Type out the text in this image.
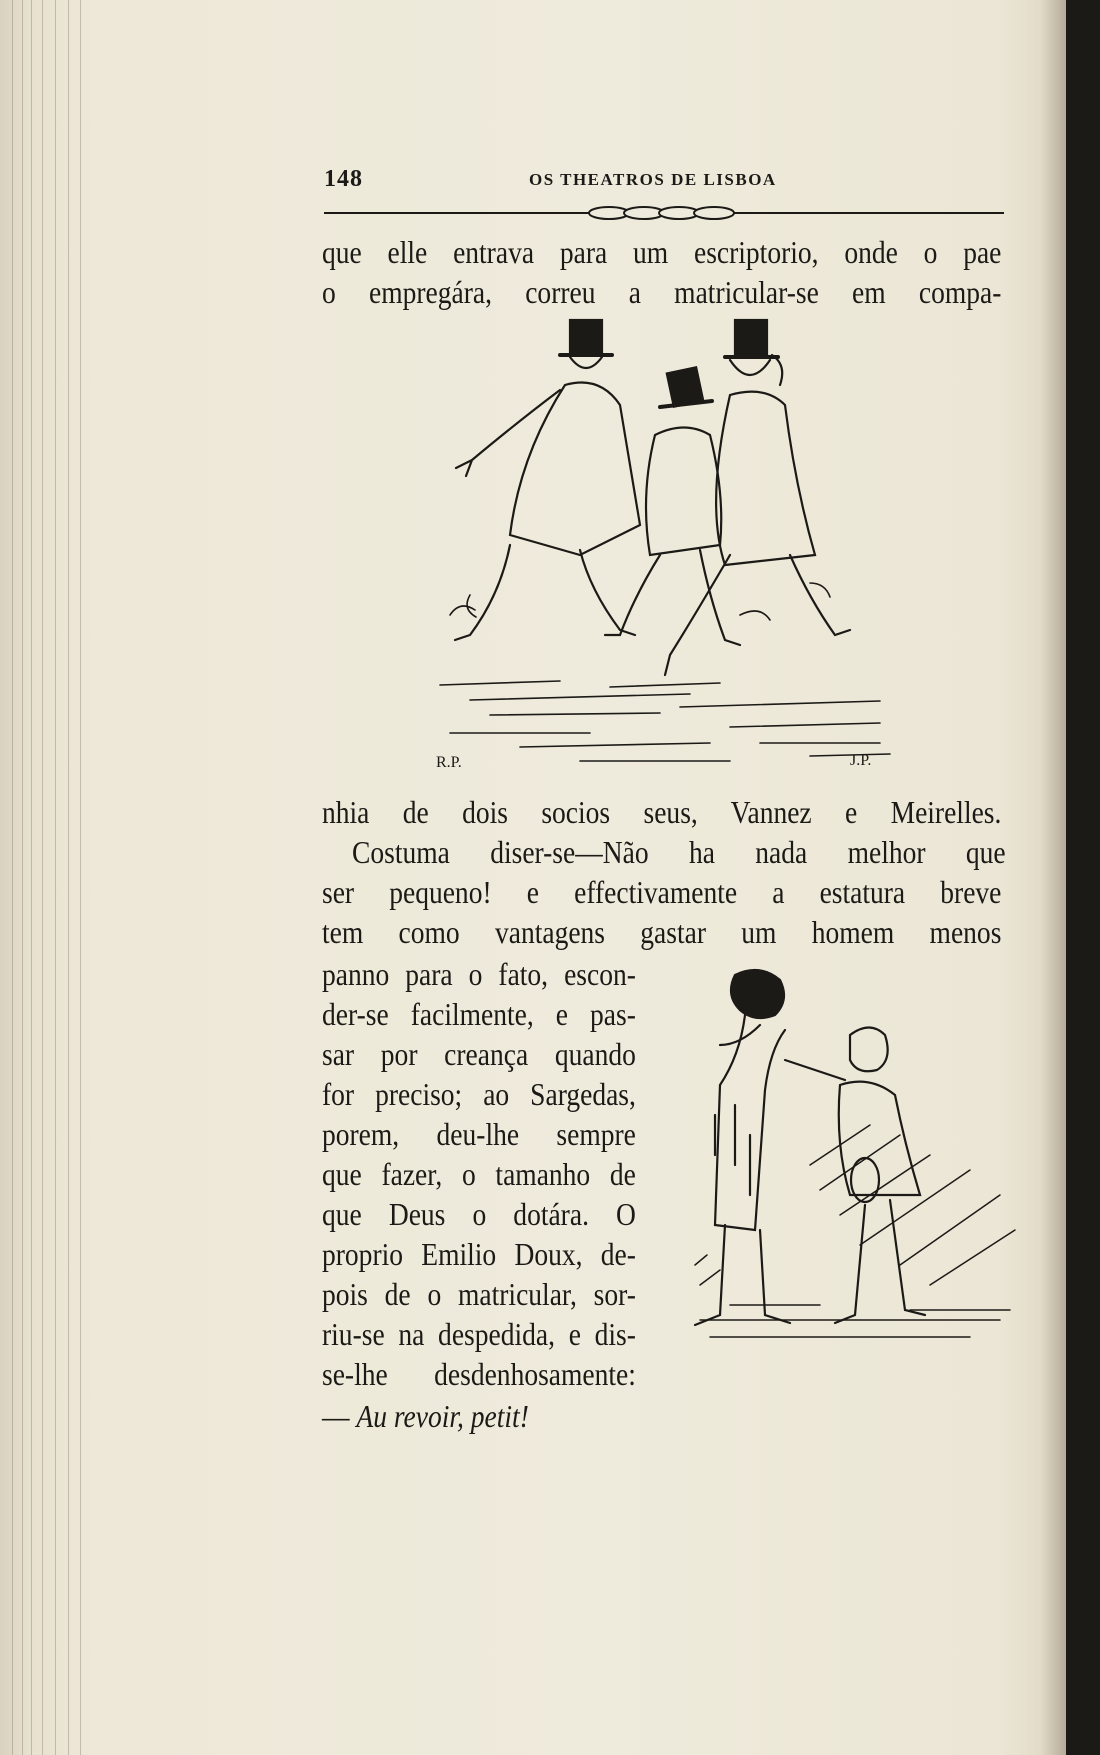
148	OS THEATROS DE LISBOA
que elle entrava para um escriptorio, onde o pae
o empregára, correu a matricular-se em compa-
R.P.	J.P.
nhia de dois socios seus, Vannez e Meirelles.
Costuma diser-se—Não ha nada melhor que
ser pequeno! e effectivamente a estatura breve
tem como vantagens gastar um homem menos
panno para o fato, escon-
der-se facilmente, e pas-
sar por creança quando
for preciso; ao Sargedas,
porem, deu-lhe sempre
que fazer, o tamanho de
que Deus o dotára. O
proprio Emilio Doux, de-
pois de o matricular, sor-
riu-se na despedida, e dis-
se-lhe desdenhosamente:
— Au revoir, petit!
